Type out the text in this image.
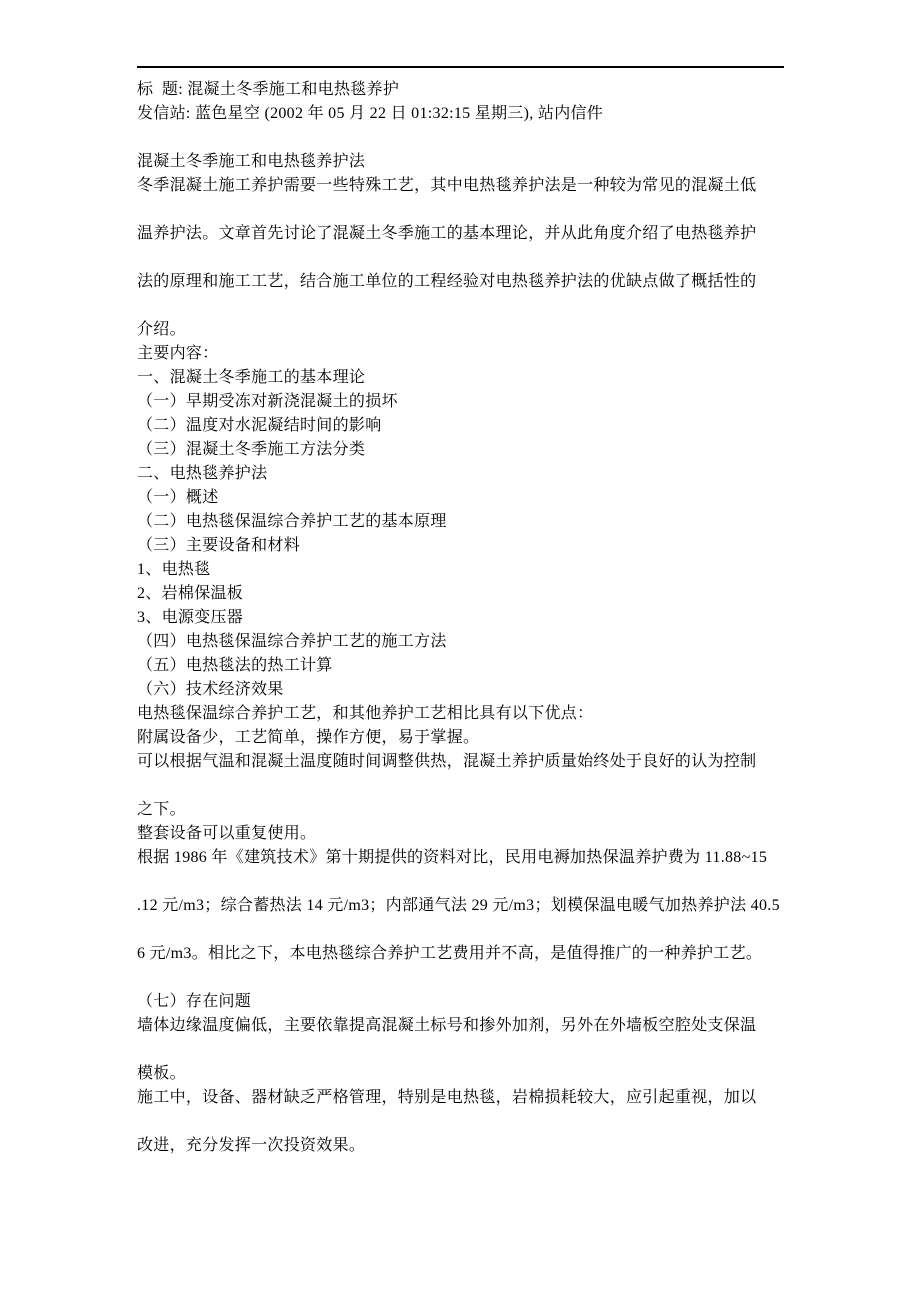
标  题: 混凝土冬季施工和电热毯养护
发信站: 蓝色星空 (2002 年 05 月 22 日 01:32:15 星期三), 站内信件

混凝土冬季施工和电热毯养护法
冬季混凝土施工养护需要一些特殊工艺，其中电热毯养护法是一种较为常见的混凝土低

温养护法。文章首先讨论了混凝土冬季施工的基本理论，并从此角度介绍了电热毯养护

法的原理和施工工艺，结合施工单位的工程经验对电热毯养护法的优缺点做了概括性的

介绍。
主要内容：
一、混凝土冬季施工的基本理论
（一）早期受冻对新浇混凝土的损坏
（二）温度对水泥凝结时间的影响
（三）混凝土冬季施工方法分类
二、电热毯养护法
（一）概述
（二）电热毯保温综合养护工艺的基本原理
（三）主要设备和材料
1、电热毯
2、岩棉保温板
3、电源变压器
（四）电热毯保温综合养护工艺的施工方法
（五）电热毯法的热工计算
（六）技术经济效果
电热毯保温综合养护工艺，和其他养护工艺相比具有以下优点：
附属设备少，工艺简单，操作方便，易于掌握。
可以根据气温和混凝土温度随时间调整供热，混凝土养护质量始终处于良好的认为控制

之下。
整套设备可以重复使用。
根据 1986 年《建筑技术》第十期提供的资料对比，民用电褥加热保温养护费为 11.88~15

.12 元/m3；综合蓄热法 14 元/m3；内部通气法 29 元/m3；划模保温电暖气加热养护法 40.5

6 元/m3。相比之下，本电热毯综合养护工艺费用并不高，是值得推广的一种养护工艺。

（七）存在问题
墙体边缘温度偏低，主要依靠提高混凝土标号和掺外加剂，另外在外墙板空腔处支保温

模板。
施工中，设备、器材缺乏严格管理，特别是电热毯，岩棉损耗较大，应引起重视，加以

改进，充分发挥一次投资效果。
